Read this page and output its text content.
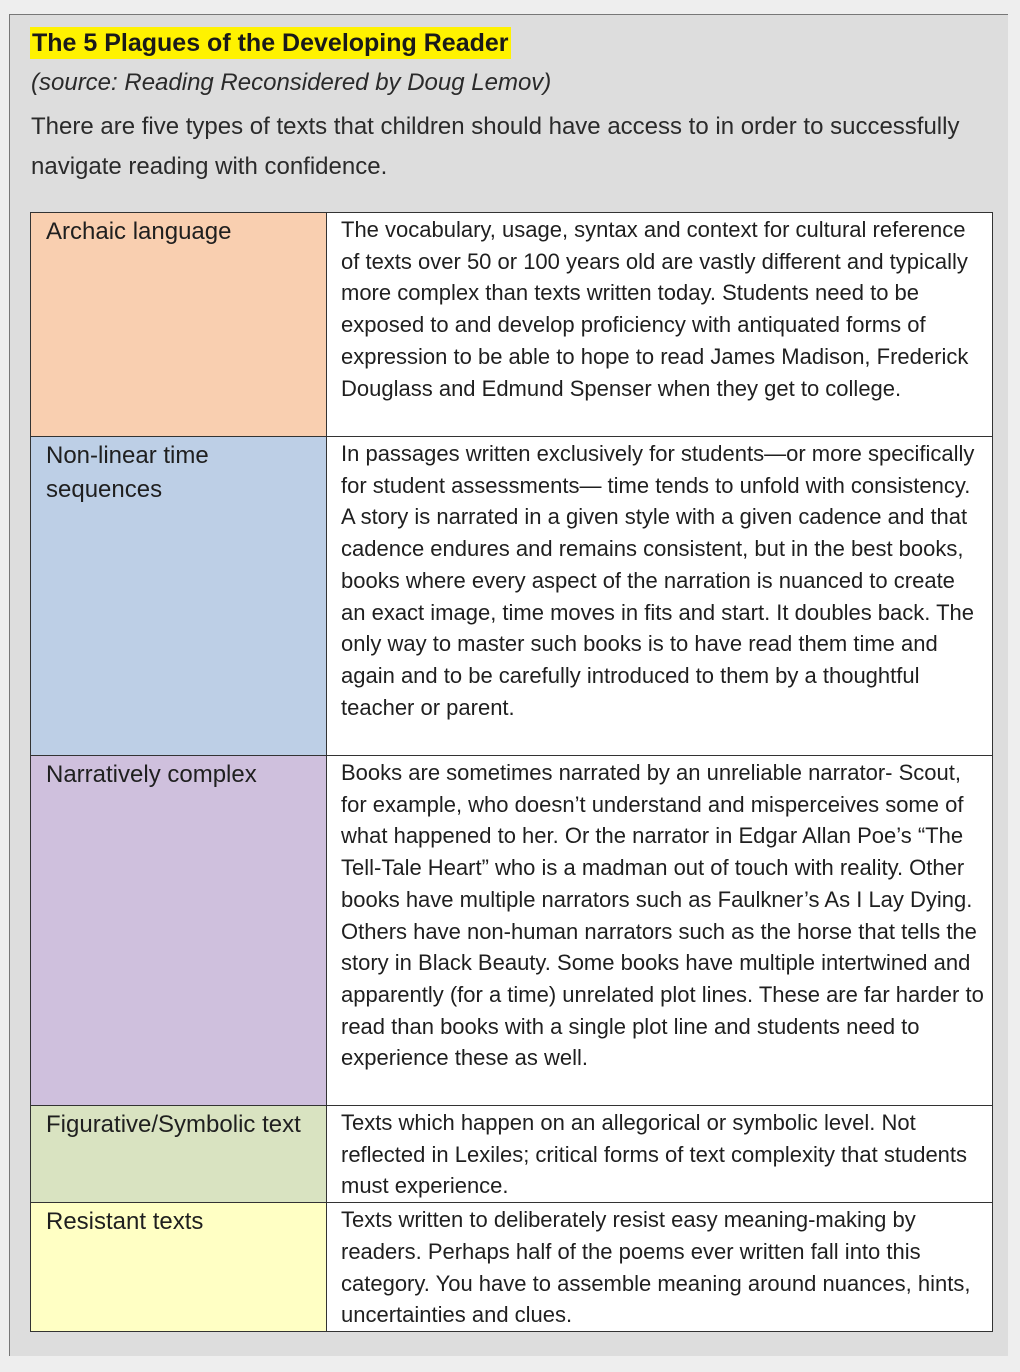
The 5 Plagues of the Developing Reader

(source: Reading Reconsidered by Doug Lemov)

There are five types of texts that children should have access to in order to successfully navigate reading with confidence.

Archaic language	The vocabulary, usage, syntax and context for cultural reference of texts over 50 or 100 years old are vastly different and typically more complex than texts written today. Students need to be exposed to and develop proficiency with antiquated forms of expression to be able to hope to read James Madison, Frederick Douglass and Edmund Spenser when they get to college.

Non-linear time sequences	In passages written exclusively for students—or more specifically for student assessments— time tends to unfold with consistency. A story is narrated in a given style with a given cadence and that cadence endures and remains consistent, but in the best books, books where every aspect of the narration is nuanced to create an exact image, time moves in fits and start. It doubles back. The only way to master such books is to have read them time and again and to be carefully introduced to them by a thoughtful teacher or parent.

Narratively complex	Books are sometimes narrated by an unreliable narrator- Scout, for example, who doesn’t understand and misperceives some of what happened to her. Or the narrator in Edgar Allan Poe’s “The Tell-Tale Heart” who is a madman out of touch with reality. Other books have multiple narrators such as Faulkner’s As I Lay Dying. Others have non-human narrators such as the horse that tells the story in Black Beauty. Some books have multiple intertwined and apparently (for a time) unrelated plot lines. These are far harder to read than books with a single plot line and students need to experience these as well.

Figurative/Symbolic text	Texts which happen on an allegorical or symbolic level. Not reflected in Lexiles; critical forms of text complexity that students must experience.

Resistant texts	Texts written to deliberately resist easy meaning-making by readers. Perhaps half of the poems ever written fall into this category. You have to assemble meaning around nuances, hints, uncertainties and clues.
